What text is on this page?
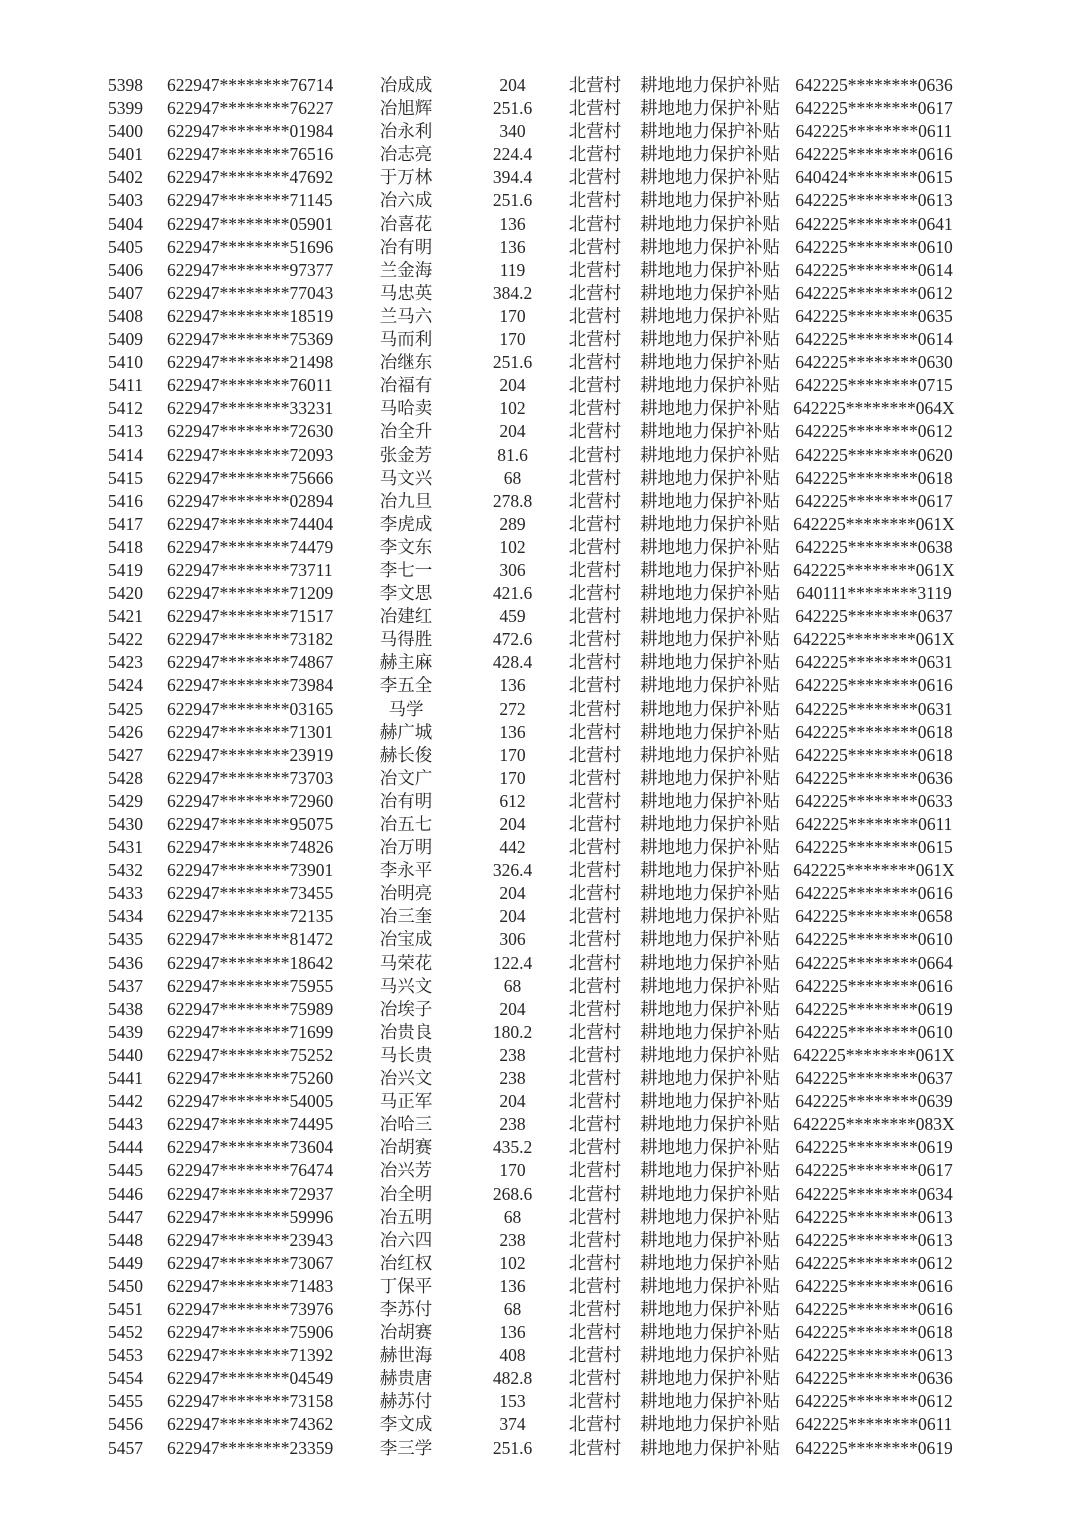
5398	622947********76714	冶成成	204	北营村	耕地地力保护补贴	642225********0636	
5399	622947********76227	冶旭辉	251.6	北营村	耕地地力保护补贴	642225********0617	
5400	622947********01984	冶永利	340	北营村	耕地地力保护补贴	642225********0611	
5401	622947********76516	冶志亮	224.4	北营村	耕地地力保护补贴	642225********0616	
5402	622947********47692	于万林	394.4	北营村	耕地地力保护补贴	640424********0615	
5403	622947********71145	冶六成	251.6	北营村	耕地地力保护补贴	642225********0613	
5404	622947********05901	冶喜花	136	北营村	耕地地力保护补贴	642225********0641	
5405	622947********51696	冶有明	136	北营村	耕地地力保护补贴	642225********0610	
5406	622947********97377	兰金海	119	北营村	耕地地力保护补贴	642225********0614	
5407	622947********77043	马忠英	384.2	北营村	耕地地力保护补贴	642225********0612	
5408	622947********18519	兰马六	170	北营村	耕地地力保护补贴	642225********0635	
5409	622947********75369	马而利	170	北营村	耕地地力保护补贴	642225********0614	
5410	622947********21498	冶继东	251.6	北营村	耕地地力保护补贴	642225********0630	
5411	622947********76011	冶福有	204	北营村	耕地地力保护补贴	642225********0715	
5412	622947********33231	马哈卖	102	北营村	耕地地力保护补贴	642225********064X	
5413	622947********72630	冶全升	204	北营村	耕地地力保护补贴	642225********0612	
5414	622947********72093	张金芳	81.6	北营村	耕地地力保护补贴	642225********0620	
5415	622947********75666	马文兴	68	北营村	耕地地力保护补贴	642225********0618	
5416	622947********02894	冶九旦	278.8	北营村	耕地地力保护补贴	642225********0617	
5417	622947********74404	李虎成	289	北营村	耕地地力保护补贴	642225********061X	
5418	622947********74479	李文东	102	北营村	耕地地力保护补贴	642225********0638	
5419	622947********73711	李七一	306	北营村	耕地地力保护补贴	642225********061X	
5420	622947********71209	李文思	421.6	北营村	耕地地力保护补贴	640111********3119	
5421	622947********71517	冶建红	459	北营村	耕地地力保护补贴	642225********0637	
5422	622947********73182	马得胜	472.6	北营村	耕地地力保护补贴	642225********061X	
5423	622947********74867	赫主麻	428.4	北营村	耕地地力保护补贴	642225********0631	
5424	622947********73984	李五全	136	北营村	耕地地力保护补贴	642225********0616	
5425	622947********03165	马学	272	北营村	耕地地力保护补贴	642225********0631	
5426	622947********71301	赫广城	136	北营村	耕地地力保护补贴	642225********0618	
5427	622947********23919	赫长俊	170	北营村	耕地地力保护补贴	642225********0618	
5428	622947********73703	冶文广	170	北营村	耕地地力保护补贴	642225********0636	
5429	622947********72960	冶有明	612	北营村	耕地地力保护补贴	642225********0633	
5430	622947********95075	冶五七	204	北营村	耕地地力保护补贴	642225********0611	
5431	622947********74826	冶万明	442	北营村	耕地地力保护补贴	642225********0615	
5432	622947********73901	李永平	326.4	北营村	耕地地力保护补贴	642225********061X	
5433	622947********73455	冶明亮	204	北营村	耕地地力保护补贴	642225********0616	
5434	622947********72135	冶三奎	204	北营村	耕地地力保护补贴	642225********0658	
5435	622947********81472	冶宝成	306	北营村	耕地地力保护补贴	642225********0610	
5436	622947********18642	马荣花	122.4	北营村	耕地地力保护补贴	642225********0664	
5437	622947********75955	马兴文	68	北营村	耕地地力保护补贴	642225********0616	
5438	622947********75989	冶埃子	204	北营村	耕地地力保护补贴	642225********0619	
5439	622947********71699	冶贵良	180.2	北营村	耕地地力保护补贴	642225********0610	
5440	622947********75252	马长贵	238	北营村	耕地地力保护补贴	642225********061X	
5441	622947********75260	冶兴文	238	北营村	耕地地力保护补贴	642225********0637	
5442	622947********54005	马正军	204	北营村	耕地地力保护补贴	642225********0639	
5443	622947********74495	冶哈三	238	北营村	耕地地力保护补贴	642225********083X	
5444	622947********73604	冶胡赛	435.2	北营村	耕地地力保护补贴	642225********0619	
5445	622947********76474	冶兴芳	170	北营村	耕地地力保护补贴	642225********0617	
5446	622947********72937	冶全明	268.6	北营村	耕地地力保护补贴	642225********0634	
5447	622947********59996	冶五明	68	北营村	耕地地力保护补贴	642225********0613	
5448	622947********23943	冶六四	238	北营村	耕地地力保护补贴	642225********0613	
5449	622947********73067	冶红权	102	北营村	耕地地力保护补贴	642225********0612	
5450	622947********71483	丁保平	136	北营村	耕地地力保护补贴	642225********0616	
5451	622947********73976	李苏付	68	北营村	耕地地力保护补贴	642225********0616	
5452	622947********75906	冶胡赛	136	北营村	耕地地力保护补贴	642225********0618	
5453	622947********71392	赫世海	408	北营村	耕地地力保护补贴	642225********0613	
5454	622947********04549	赫贵唐	482.8	北营村	耕地地力保护补贴	642225********0636	
5455	622947********73158	赫苏付	153	北营村	耕地地力保护补贴	642225********0612	
5456	622947********74362	李文成	374	北营村	耕地地力保护补贴	642225********0611	
5457	622947********23359	李三学	251.6	北营村	耕地地力保护补贴	642225********0619	
